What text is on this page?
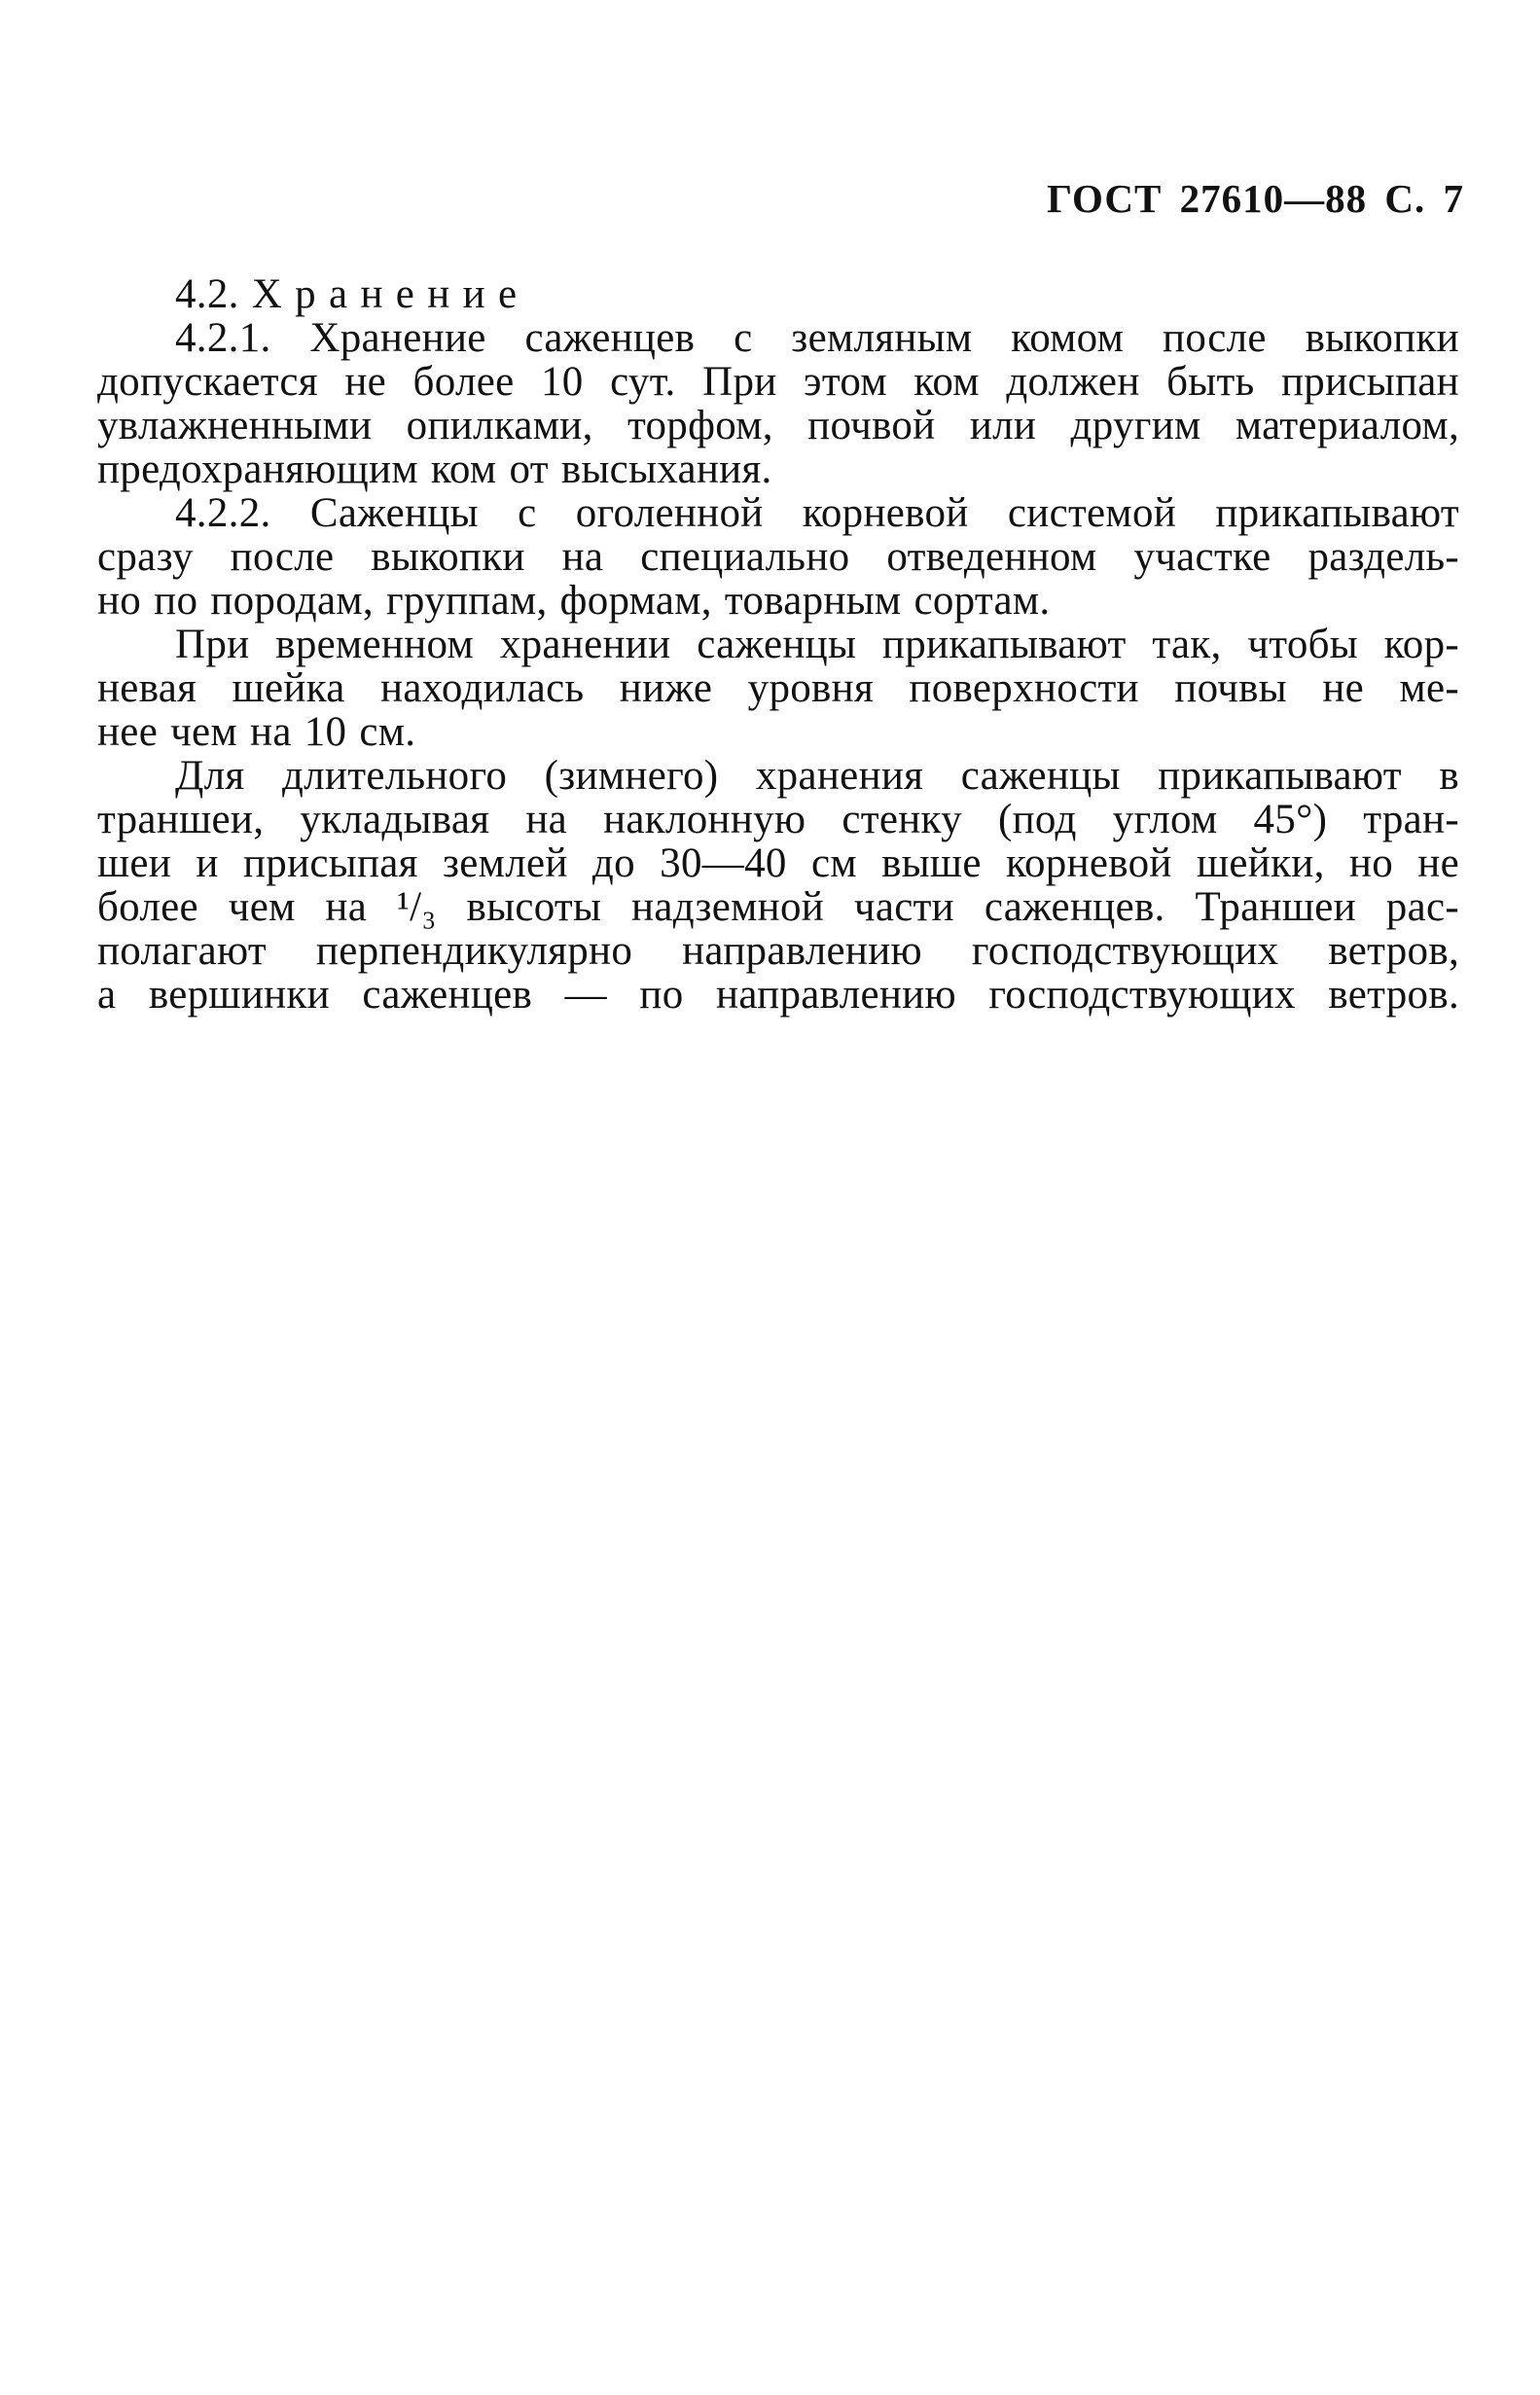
ГОСТ 27610—88 С. 7
4.2. Х р а н е н и е
4.2.1. Хранение саженцев с земляным комом после выкопки
допускается не более 10 сут. При этом ком должен быть присыпан
увлажненными опилками, торфом, почвой или другим материалом,
предохраняющим ком от высыхания.
4.2.2. Саженцы с оголенной корневой системой прикапывают
сразу после выкопки на специально отведенном участке раздель-
но по породам, группам, формам, товарным сортам.
При временном хранении саженцы прикапывают так, чтобы кор-
невая шейка находилась ниже уровня поверхности почвы не ме-
нее чем на 10 см.
Для длительного (зимнего) хранения саженцы прикапывают в
траншеи, укладывая на наклонную стенку (под углом 45°) тран-
шеи и присыпая землей до 30—40 см выше корневой шейки, но не
более чем на ¹/₃ высоты надземной части саженцев. Траншеи рас-
полагают перпендикулярно направлению господствующих ветров,
а вершинки саженцев — по направлению господствующих ветров.
